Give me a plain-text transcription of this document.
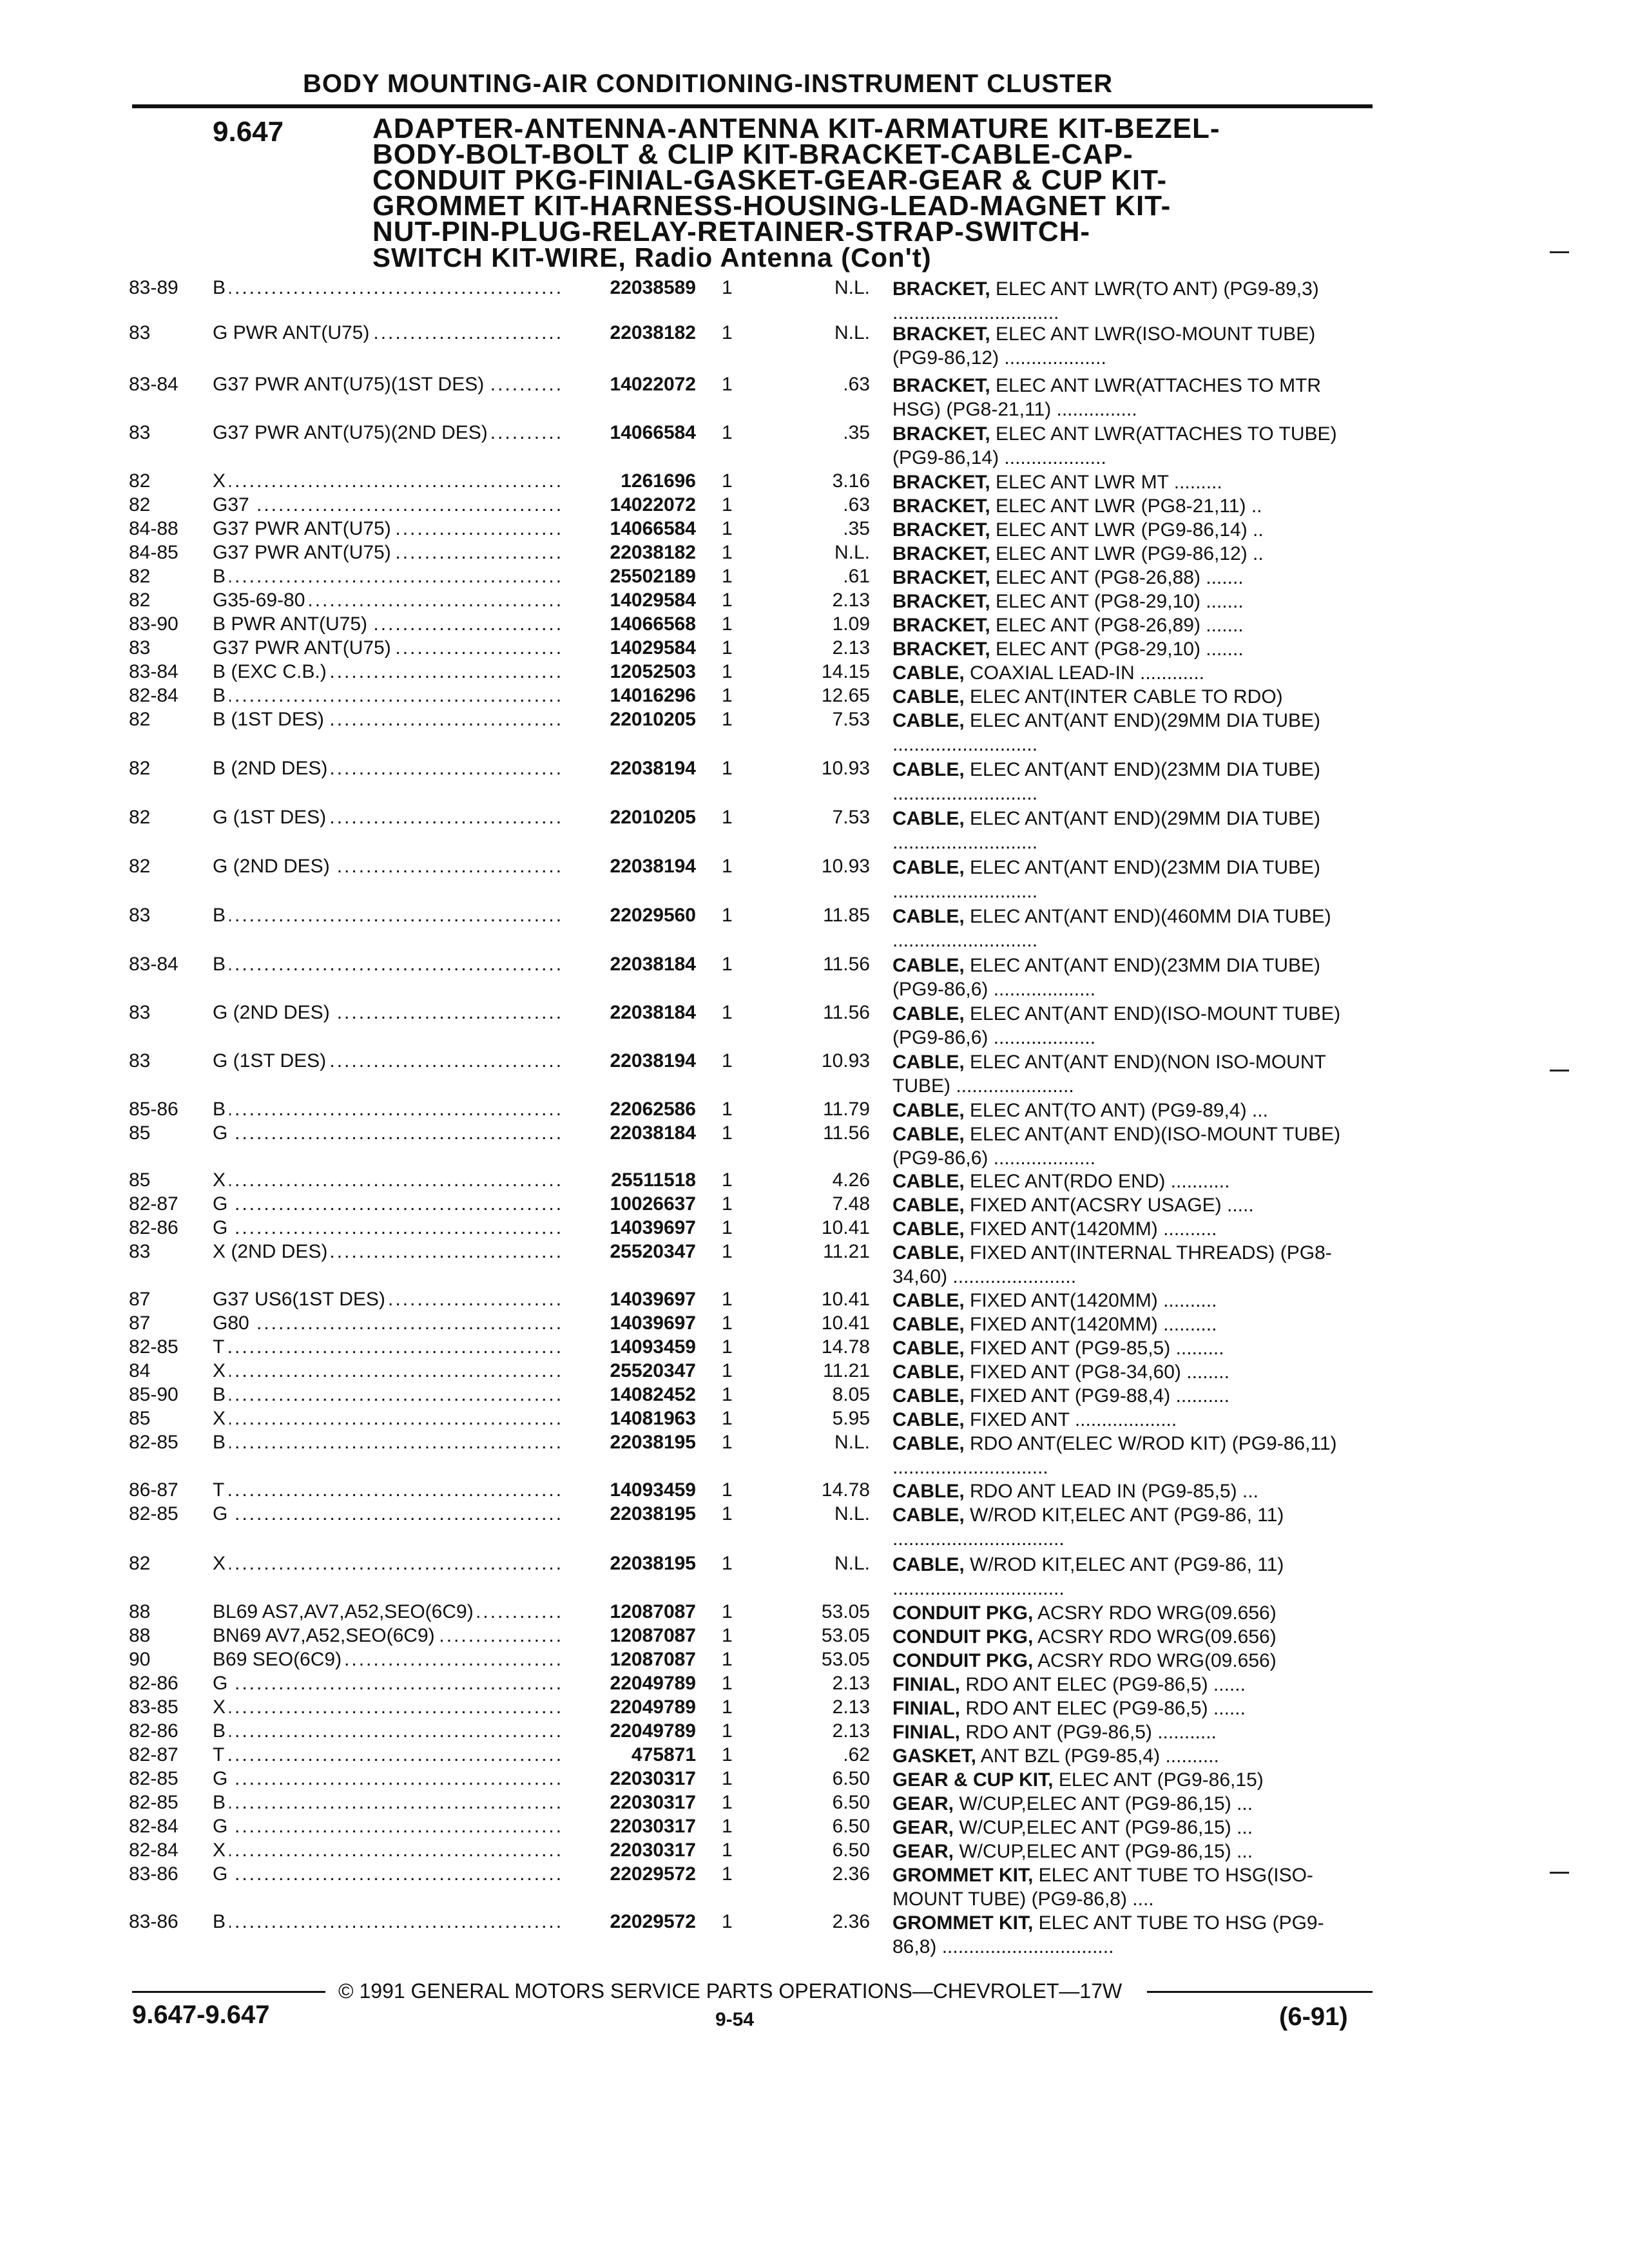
BODY MOUNTING-AIR CONDITIONING-INSTRUMENT CLUSTER
9.647	ADAPTER-ANTENNA-ANTENNA KIT-ARMATURE KIT-BEZEL-
BODY-BOLT-BOLT & CLIP KIT-BRACKET-CABLE-CAP-
CONDUIT PKG-FINIAL-GASKET-GEAR-GEAR & CUP KIT-
GROMMET KIT-HARNESS-HOUSING-LEAD-MAGNET KIT-
NUT-PIN-PLUG-RELAY-RETAINER-STRAP-SWITCH-
SWITCH KIT-WIRE, Radio Antenna (Con't)
83-89 B .....	22038589 1	N.L. BRACKET, ELEC ANT LWR(TO ANT) (PG9-89,3) ...............................
83	G PWR ANT(U75) .....	22038182 1	N.L. BRACKET, ELEC ANT LWR(ISO-MOUNT TUBE) (PG9-86,12) ...................
83-84 G37 PWR ANT(U75)(1ST DES) .....	14022072 1	.63 BRACKET, ELEC ANT LWR(ATTACHES TO MTR HSG) (PG8-21,11) ...............
83	G37 PWR ANT(U75)(2ND DES) .....	14066584 1	.35 BRACKET, ELEC ANT LWR(ATTACHES TO TUBE) (PG9-86,14) ...................
82	X .....	1261696 1	3.16 BRACKET, ELEC ANT LWR MT .........
82	G37 .....	14022072 1	.63 BRACKET, ELEC ANT LWR (PG8-21,11) ..
84-88 G37 PWR ANT(U75) .....	14066584 1	.35 BRACKET, ELEC ANT LWR (PG9-86,14) ..
84-85 G37 PWR ANT(U75) .....	22038182 1	N.L. BRACKET, ELEC ANT LWR (PG9-86,12) ..
82	B .....	25502189 1	.61 BRACKET, ELEC ANT (PG8-26,88) .......
82	G35-69-80 .....	14029584 1	2.13 BRACKET, ELEC ANT (PG8-29,10) .......
83-90 B PWR ANT(U75) .....	14066568 1	1.09 BRACKET, ELEC ANT (PG8-26,89) .......
83	G37 PWR ANT(U75) .....	14029584 1	2.13 BRACKET, ELEC ANT (PG8-29,10) .......
83-84 B (EXC C.B.) .....	12052503 1	14.15 CABLE, COAXIAL LEAD-IN ............
82-84 B .....	14016296 1	12.65 CABLE, ELEC ANT(INTER CABLE TO RDO)
82	B (1ST DES) .....	22010205 1	7.53 CABLE, ELEC ANT(ANT END)(29MM DIA TUBE) ...........................
82	B (2ND DES) .....	22038194 1	10.93 CABLE, ELEC ANT(ANT END)(23MM DIA TUBE) ...........................
82	G (1ST DES) .....	22010205 1	7.53 CABLE, ELEC ANT(ANT END)(29MM DIA TUBE) ...........................
82	G (2ND DES) .....	22038194 1	10.93 CABLE, ELEC ANT(ANT END)(23MM DIA TUBE) ...........................
83	B .....	22029560 1	11.85 CABLE, ELEC ANT(ANT END)(460MM DIA TUBE) ...........................
83-84 B .....	22038184 1	11.56 CABLE, ELEC ANT(ANT END)(23MM DIA TUBE) (PG9-86,6) ...................
83	G (2ND DES) .....	22038184 1	11.56 CABLE, ELEC ANT(ANT END)(ISO-MOUNT TUBE) (PG9-86,6) ...................
83	G (1ST DES) .....	22038194 1	10.93 CABLE, ELEC ANT(ANT END)(NON ISO-MOUNT TUBE) ......................
85-86 B .....	22062586 1	11.79 CABLE, ELEC ANT(TO ANT) (PG9-89,4) ...
85	G .....	22038184 1	11.56 CABLE, ELEC ANT(ANT END)(ISO-MOUNT TUBE) (PG9-86,6) ...................
85	X .....	25511518 1	4.26 CABLE, ELEC ANT(RDO END) ...........
82-87 G .....	10026637 1	7.48 CABLE, FIXED ANT(ACSRY USAGE) .....
82-86 G .....	14039697 1	10.41 CABLE, FIXED ANT(1420MM) ..........
83	X (2ND DES) .....	25520347 1	11.21 CABLE, FIXED ANT(INTERNAL THREADS) (PG8-34,60) .......................
87	G37 US6(1ST DES) .....	14039697 1	10.41 CABLE, FIXED ANT(1420MM) ..........
87	G80 .....	14039697 1	10.41 CABLE, FIXED ANT(1420MM) ..........
82-85 T .....	14093459 1	14.78 CABLE, FIXED ANT (PG9-85,5) .........
84	X .....	25520347 1	11.21 CABLE, FIXED ANT (PG8-34,60) ........
85-90 B .....	14082452 1	8.05 CABLE, FIXED ANT (PG9-88,4) ..........
85	X .....	14081963 1	5.95 CABLE, FIXED ANT ...................
82-85 B .....	22038195 1	N.L. CABLE, RDO ANT(ELEC W/ROD KIT) (PG9-86,11) .............................
86-87 T .....	14093459 1	14.78 CABLE, RDO ANT LEAD IN (PG9-85,5) ...
82-85 G .....	22038195 1	N.L. CABLE, W/ROD KIT,ELEC ANT (PG9-86, 11) ................................
82	X .....	22038195 1	N.L. CABLE, W/ROD KIT,ELEC ANT (PG9-86, 11) ................................
88	BL69 AS7,AV7,A52,SEO(6C9) .....	12087087 1	53.05 CONDUIT PKG, ACSRY RDO WRG(09.656)
88	BN69 AV7,A52,SEO(6C9) .....	12087087 1	53.05 CONDUIT PKG, ACSRY RDO WRG(09.656)
90	B69 SEO(6C9) .....	12087087 1	53.05 CONDUIT PKG, ACSRY RDO WRG(09.656)
82-86 G .....	22049789 1	2.13 FINIAL, RDO ANT ELEC (PG9-86,5) ......
83-85 X .....	22049789 1	2.13 FINIAL, RDO ANT ELEC (PG9-86,5) ......
82-86 B .....	22049789 1	2.13 FINIAL, RDO ANT (PG9-86,5) ...........
82-87 T .....	475871 1	.62 GASKET, ANT BZL (PG9-85,4) ..........
82-85 G .....	22030317 1	6.50 GEAR & CUP KIT, ELEC ANT (PG9-86,15)
82-85 B .....	22030317 1	6.50 GEAR, W/CUP,ELEC ANT (PG9-86,15) ...
82-84 G .....	22030317 1	6.50 GEAR, W/CUP,ELEC ANT (PG9-86,15) ...
82-84 X .....	22030317 1	6.50 GEAR, W/CUP,ELEC ANT (PG9-86,15) ...
83-86 G .....	22029572 1	2.36 GROMMET KIT, ELEC ANT TUBE TO HSG(ISO-MOUNT TUBE) (PG9-86,8) ....
83-86 B .....	22029572 1	2.36 GROMMET KIT, ELEC ANT TUBE TO HSG (PG9-86,8) ................................
© 1991 GENERAL MOTORS SERVICE PARTS OPERATIONS—CHEVROLET—17W
9.647-9.647	9-54	(6-91)
